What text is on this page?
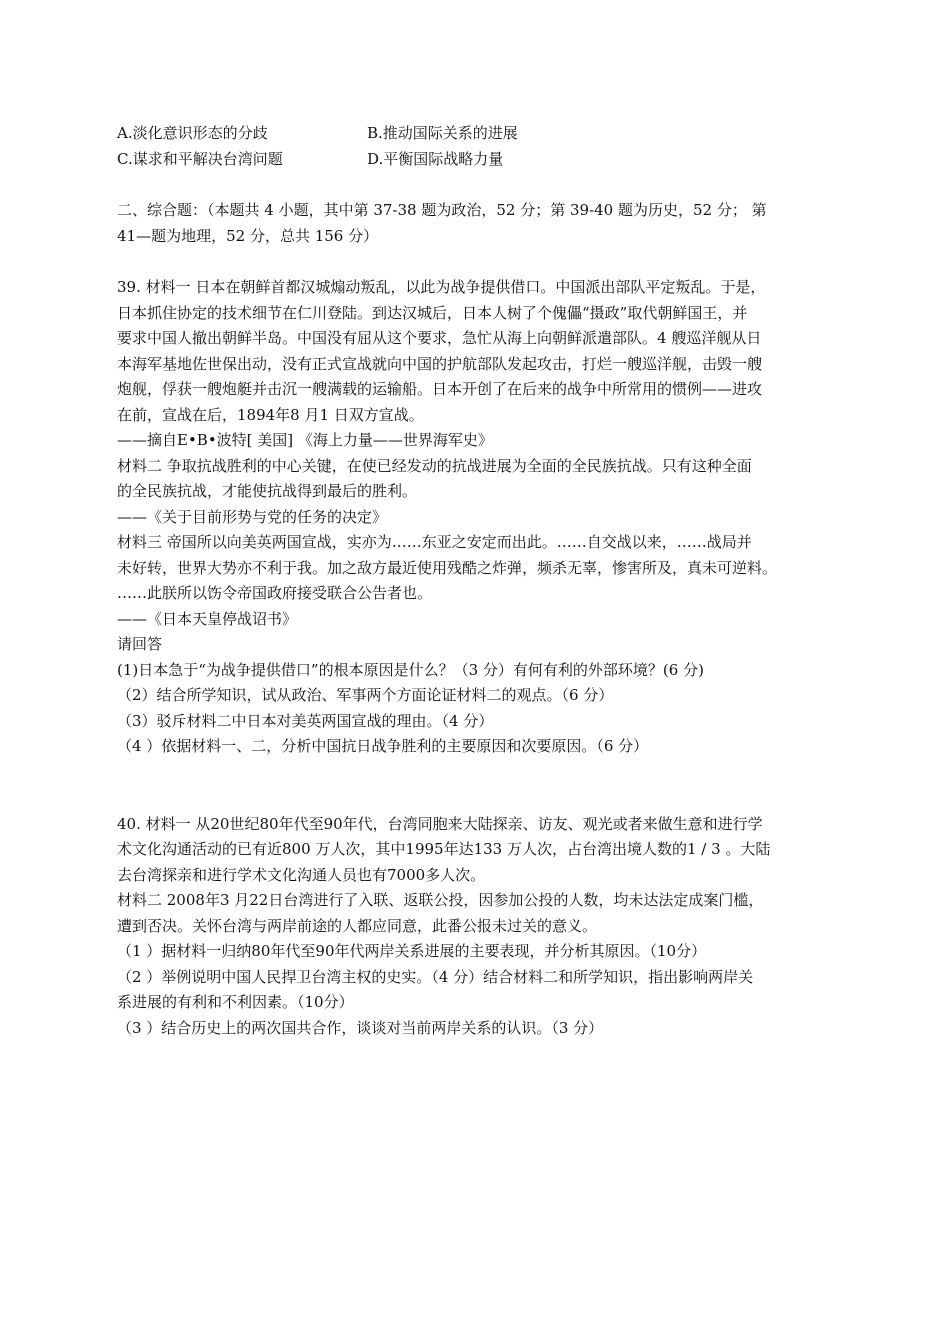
A.淡化意识形态的分歧	B.推动国际关系的进展
C.谋求和平解决台湾问题	D.平衡国际战略力量
二、综合题：（本题共 4 小题，其中第 37-38 题为政治，52 分；第 39-40 题为历史，52 分； 第
41—题为地理，52 分，总共 156 分）
39. 材料一 日本在朝鲜首都汉城煽动叛乱，以此为战争提供借口。中国派出部队平定叛乱。于是，
日本抓住协定的技术细节在仁川登陆。到达汉城后，日本人树了个傀儡“摄政”取代朝鲜国王，并
要求中国人撤出朝鲜半岛。中国没有屈从这个要求，急忙从海上向朝鲜派遣部队。4 艘巡洋舰从日
本海军基地佐世保出动，没有正式宣战就向中国的护航部队发起攻击，打烂一艘巡洋舰，击毁一艘
炮舰，俘获一艘炮艇并击沉一艘满载的运输船。日本开创了在后来的战争中所常用的惯例——进攻
在前，宣战在后，1894年8 月1 日双方宣战。
——摘自E•B•波特[ 美国] 《海上力量——世界海军史》
材料二 争取抗战胜利的中心关键，在使已经发动的抗战进展为全面的全民族抗战。只有这种全面
的全民族抗战，才能使抗战得到最后的胜利。
——《关于目前形势与党的任务的决定》
材料三 帝国所以向美英两国宣战，实亦为……东亚之安定而出此。……自交战以来，……战局并
未好转，世界大势亦不利于我。加之敌方最近使用残酷之炸弹，频杀无辜，惨害所及，真未可逆料。
……此朕所以饬令帝国政府接受联合公告者也。
——《日本天皇停战诏书》
请回答
(1)日本急于“为战争提供借口”的根本原因是什么？（3 分）有何有利的外部环境？(6 分)
（2）结合所学知识，试从政治、军事两个方面论证材料二的观点。（6 分）
（3）驳斥材料二中日本对美英两国宣战的理由。（4 分）
（4 ）依据材料一、二，分析中国抗日战争胜利的主要原因和次要原因。（6 分）
40. 材料一 从20世纪80年代至90年代，台湾同胞来大陆探亲、访友、观光或者来做生意和进行学
术文化沟通活动的已有近800 万人次，其中1995年达133 万人次，占台湾出境人数的1 / 3 。大陆
去台湾探亲和进行学术文化沟通人员也有7000多人次。
材料二 2008年3 月22日台湾进行了入联、返联公投，因参加公投的人数，均未达法定成案门槛，
遭到否决。关怀台湾与两岸前途的人都应同意，此番公报未过关的意义。
（1 ）据材料一归纳80年代至90年代两岸关系进展的主要表现，并分析其原因。（10分）
（2 ）举例说明中国人民捍卫台湾主权的史实。（4 分）结合材料二和所学知识，指出影响两岸关
系进展的有利和不利因素。（10分）
（3 ）结合历史上的两次国共合作，谈谈对当前两岸关系的认识。（3 分）
